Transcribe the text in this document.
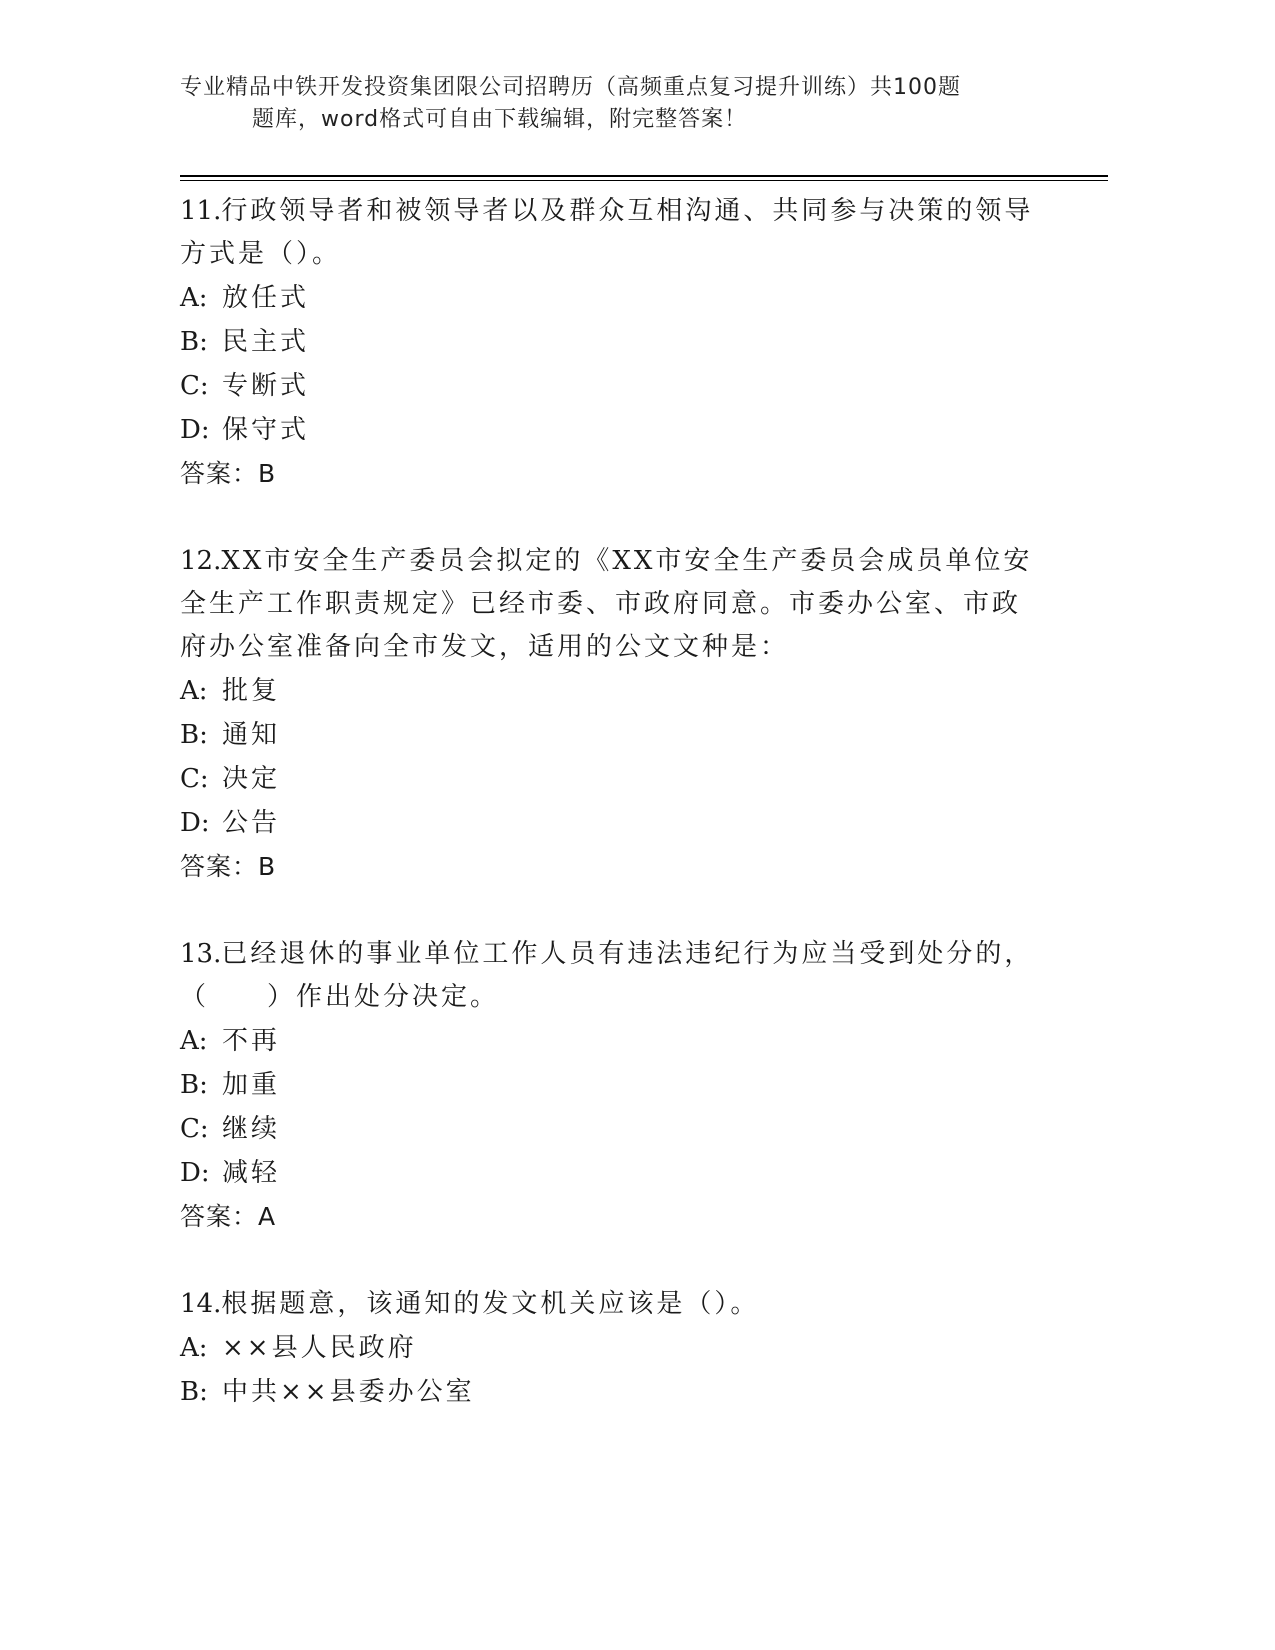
专业精品中铁开发投资集团限公司招聘历（高频重点复习提升训练）共100题
题库，word格式可自由下载编辑，附完整答案！

11.行政领导者和被领导者以及群众互相沟通、共同参与决策的领导方式是（）。

A: 放任式
B: 民主式
C: 专断式
D: 保守式
答案：B

12.XX市安全生产委员会拟定的《XX市安全生产委员会成员单位安全生产工作职责规定》已经市委、市政府同意。市委办公室、市政府办公室准备向全市发文，适用的公文文种是：

A: 批复
B: 通知
C: 决定
D: 公告
答案：B

13.已经退休的事业单位工作人员有违法违纪行为应当受到处分的，（　　）作出处分决定。

A: 不再
B: 加重
C: 继续
D: 减轻
答案：A

14.根据题意，该通知的发文机关应该是（）。

A: ××县人民政府
B: 中共××县委办公室
